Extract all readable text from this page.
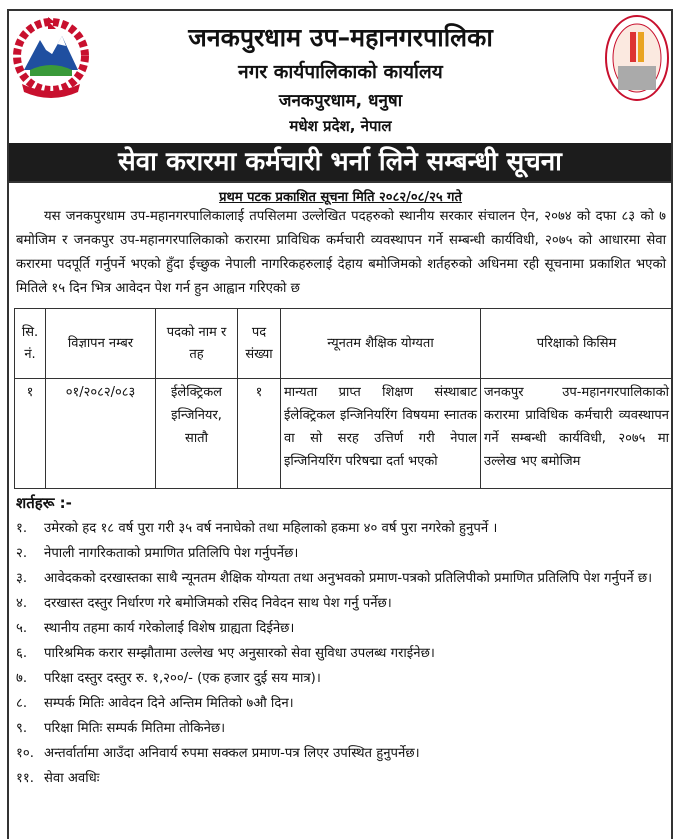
जनकपुरधाम उप–महानगरपालिका
नगर कार्यपालिकाको कार्यालय
जनकपुरधाम, धनुषा
मधेश प्रदेश, नेपाल
सेवा करारमा कर्मचारी भर्ना लिने सम्बन्धी सूचना
प्रथम पटक प्रकाशित सूचना मिति २०८२/०८/२५ गते

यस जनकपुरधाम उप-महानगरपालिकालाई तपसिलमा उल्लेखित पदहरुको स्थानीय सरकार संचालन ऐन, २०७४ को दफा ८३ को ७ बमोजिम र जनकपुर उप-महानगरपालिकाको करारमा प्राविधिक कर्मचारी व्यवस्थापन गर्ने सम्बन्धी कार्यविधी, २०७५ को आधारमा सेवा करारमा पदपूर्ति गर्नुपर्ने भएको हुँदा ईच्छुक नेपाली नागरिकहरुलाई देहाय बमोजिमको शर्तहरुको अधिनमा रही सूचनामा प्रकाशित भएको मितिले १५ दिन भित्र आवेदन पेश गर्न हुन आह्वान गरिएको छ

सि. नं.	विज्ञापन नम्बर	पदको नाम र तह	पद संख्या	न्यूनतम शैक्षिक योग्यता	परिक्षाको किसिम
१	०१/२०८२/०८३	ईलेक्ट्रिकल इन्जिनियर, सातौ	१	मान्यता प्राप्त शिक्षण संस्थाबाट ईलेक्ट्रिकल इन्जिनियरिंग विषयमा स्नातक वा सो सरह उत्तिर्ण गरी नेपाल इन्जिनियरिंग परिषद्मा दर्ता भएको	जनकपुर उप-महानगरपालिकाको करारमा प्राविधिक कर्मचारी व्यवस्थापन गर्ने सम्बन्धी कार्यविधी, २०७५ मा उल्लेख भए बमोजिम
शर्तहरू :-
१.	उमेरको हद १८ वर्ष पुरा गरी ३५ वर्ष ननाघेको तथा महिलाको हकमा ४० वर्ष पुरा नगरेको हुनुपर्ने ।
२.	नेपाली नागरिकताको प्रमाणित प्रतिलिपि पेश गर्नुपर्नेछ।
३.	आवेदकको दरखास्तका साथै न्यूनतम शैक्षिक योग्यता तथा अनुभवको प्रमाण-पत्रको प्रतिलिपीको प्रमाणित प्रतिलिपि पेश गर्नुपर्ने छ।
४.	दरखास्त दस्तुर निर्धारण गरे बमोजिमको रसिद निवेदन साथ पेश गर्नु पर्नेछ।
५.	स्थानीय तहमा कार्य गरेकोलाई विशेष ग्राह्यता दिईनेछ।
६.	पारिश्रमिक करार सम्झौतामा उल्लेख भए अनुसारको सेवा सुविधा उपलब्ध गराईनेछ।
७.	परिक्षा दस्तुर दस्तुर रु. १,२००/- (एक हजार दुई सय मात्र)।
८.	सम्पर्क मितिः आवेदन दिने अन्तिम मितिको ७औ दिन।
९.	परिक्षा मितिः सम्पर्क मितिमा तोकिनेछ।
१०. अन्तर्वार्तामा आउँदा अनिवार्य रुपमा सक्कल प्रमाण-पत्र लिएर उपस्थित हुनुपर्नेछ।
११. सेवा अवधिः
